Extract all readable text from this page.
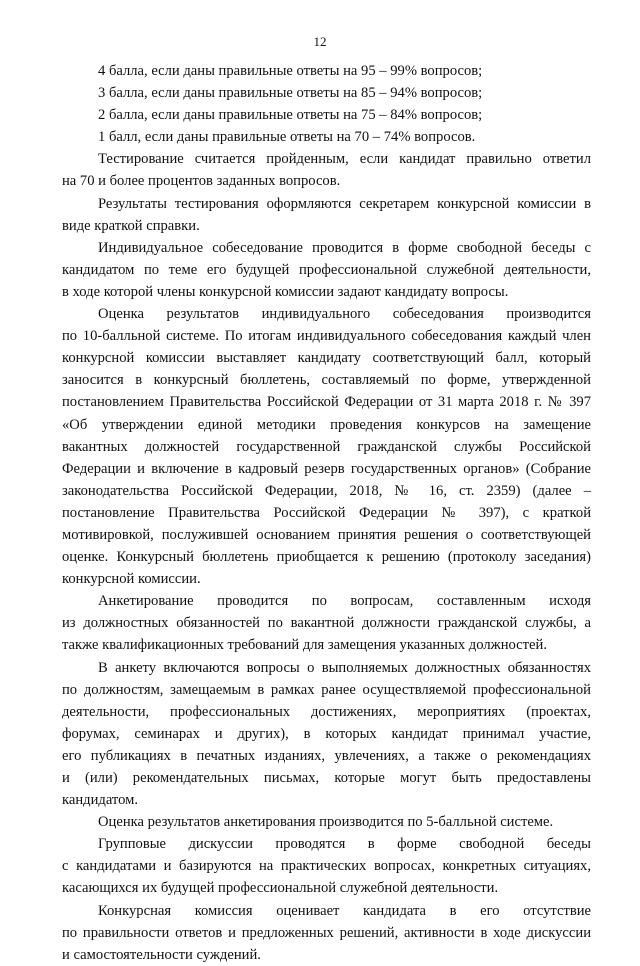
12
4 балла, если даны правильные ответы на 95 – 99% вопросов;
3 балла, если даны правильные ответы на 85 – 94% вопросов;
2 балла, если даны правильные ответы на 75 – 84% вопросов;
1 балл, если даны правильные ответы на 70 – 74% вопросов.
Тестирование считается пройденным, если кандидат правильно ответил
на 70 и более процентов заданных вопросов.
Результаты тестирования оформляются секретарем конкурсной комиссии в
виде краткой справки.
Индивидуальное собеседование проводится в форме свободной беседы с
кандидатом по теме его будущей профессиональной служебной деятельности,
в ходе которой члены конкурсной комиссии задают кандидату вопросы.
Оценка результатов индивидуального собеседования производится
по 10-балльной системе. По итогам индивидуального собеседования каждый член
конкурсной комиссии выставляет кандидату соответствующий балл, который
заносится в конкурсный бюллетень, составляемый по форме, утвержденной
постановлением Правительства Российской Федерации от 31 марта 2018 г. № 397
«Об утверждении единой методики проведения конкурсов на замещение
вакантных должностей государственной гражданской службы Российской
Федерации и включение в кадровый резерв государственных органов» (Собрание
законодательства Российской Федерации, 2018, № 16, ст. 2359) (далее –
постановление Правительства Российской Федерации № 397), с краткой
мотивировкой, послужившей основанием принятия решения о соответствующей
оценке. Конкурсный бюллетень приобщается к решению (протоколу заседания)
конкурсной комиссии.
Анкетирование проводится по вопросам, составленным исходя
из должностных обязанностей по вакантной должности гражданской службы, а
также квалификационных требований для замещения указанных должностей.
В анкету включаются вопросы о выполняемых должностных обязанностях
по должностям, замещаемым в рамках ранее осуществляемой профессиональной
деятельности, профессиональных достижениях, мероприятиях (проектах,
форумах, семинарах и других), в которых кандидат принимал участие,
его публикациях в печатных изданиях, увлечениях, а также о рекомендациях
и (или) рекомендательных письмах, которые могут быть предоставлены
кандидатом.
Оценка результатов анкетирования производится по 5-балльной системе.
Групповые дискуссии проводятся в форме свободной беседы
с кандидатами и базируются на практических вопросах, конкретных ситуациях,
касающихся их будущей профессиональной служебной деятельности.
Конкурсная комиссия оценивает кандидата в его отсутствие
по правильности ответов и предложенных решений, активности в ходе дискуссии
и самостоятельности суждений.
